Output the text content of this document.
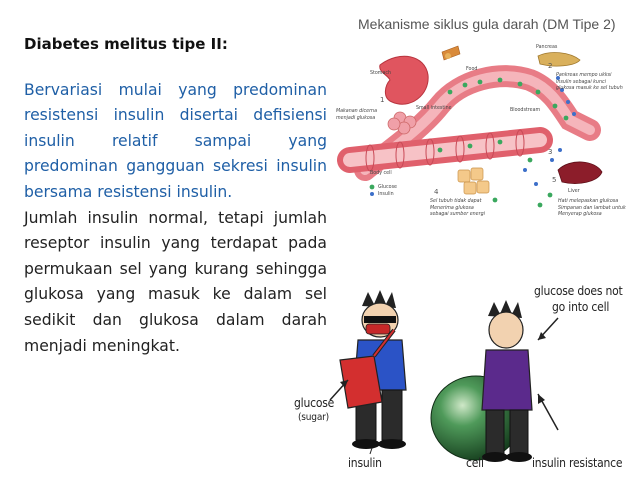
Diabetes melitus tipe II:

Bervariasi mulai yang predominan resistensi insulin disertai defisiensi insulin relatif sampai yang predominan gangguan sekresi insulin bersama resistensi insulin.

Jumlah insulin normal, tetapi jumlah reseptor insulin yang terdapat pada permukaan sel yang kurang sehingga glukosa yang masuk ke dalam sel sedikit dan glukosa dalam darah menjadi meningkat.

Mekanisme siklus gula darah (DM Tipe 2)
Food
Pancreas
Stomach
Small intestine	Bloodstream
Body cell
Glucose
Insulin	Liver
1
2
3
4
5
Pankreas mempo ukksi
insulin sebagai kunci
glukosa masuk ke sel tubuh
Makanan dicerna
menjadi glukosa
Sel tubuh tidak dapat
Menerima glukosa
sebagai sumber energi
Hati melepaskan glukosa
Simpanan dan lambat untuk
Menyerap glukosa
glucose
(sugar)
insulin	cell	insulin resistance
glucose does not
go into cell
